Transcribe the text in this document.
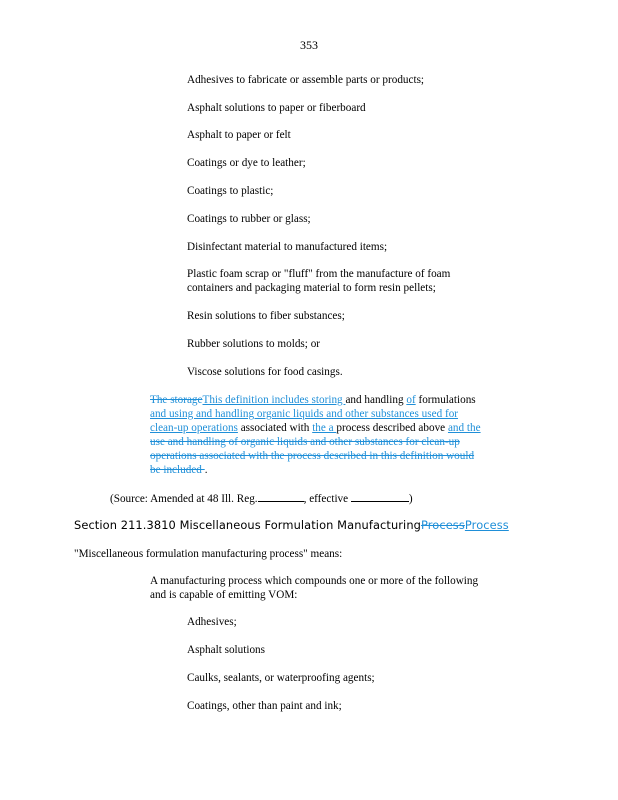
353
Adhesives to fabricate or assemble parts or products;
Asphalt solutions to paper or fiberboard
Asphalt to paper or felt
Coatings or dye to leather;
Coatings to plastic;
Coatings to rubber or glass;
Disinfectant material to manufactured items;
Plastic foam scrap or "fluff" from the manufacture of foam
containers and packaging material to form resin pellets;
Resin solutions to fiber substances;
Rubber solutions to molds; or
Viscose solutions for food casings.
The storageThis definition includes storing and handling of formulations
and using and handling organic liquids and other substances used for
clean-up operations associated with the a process described above and the
use and handling of organic liquids and other substances for clean-up
operations associated with the process described in this definition would
be included .
(Source: Amended at 48 Ill. Reg.	, effective	)
Section 211.3810 Miscellaneous Formulation ManufacturingProcessProcess
"Miscellaneous formulation manufacturing process" means:
A manufacturing process which compounds one or more of the following
and is capable of emitting VOM:
Adhesives;
Asphalt solutions
Caulks, sealants, or waterproofing agents;
Coatings, other than paint and ink;
